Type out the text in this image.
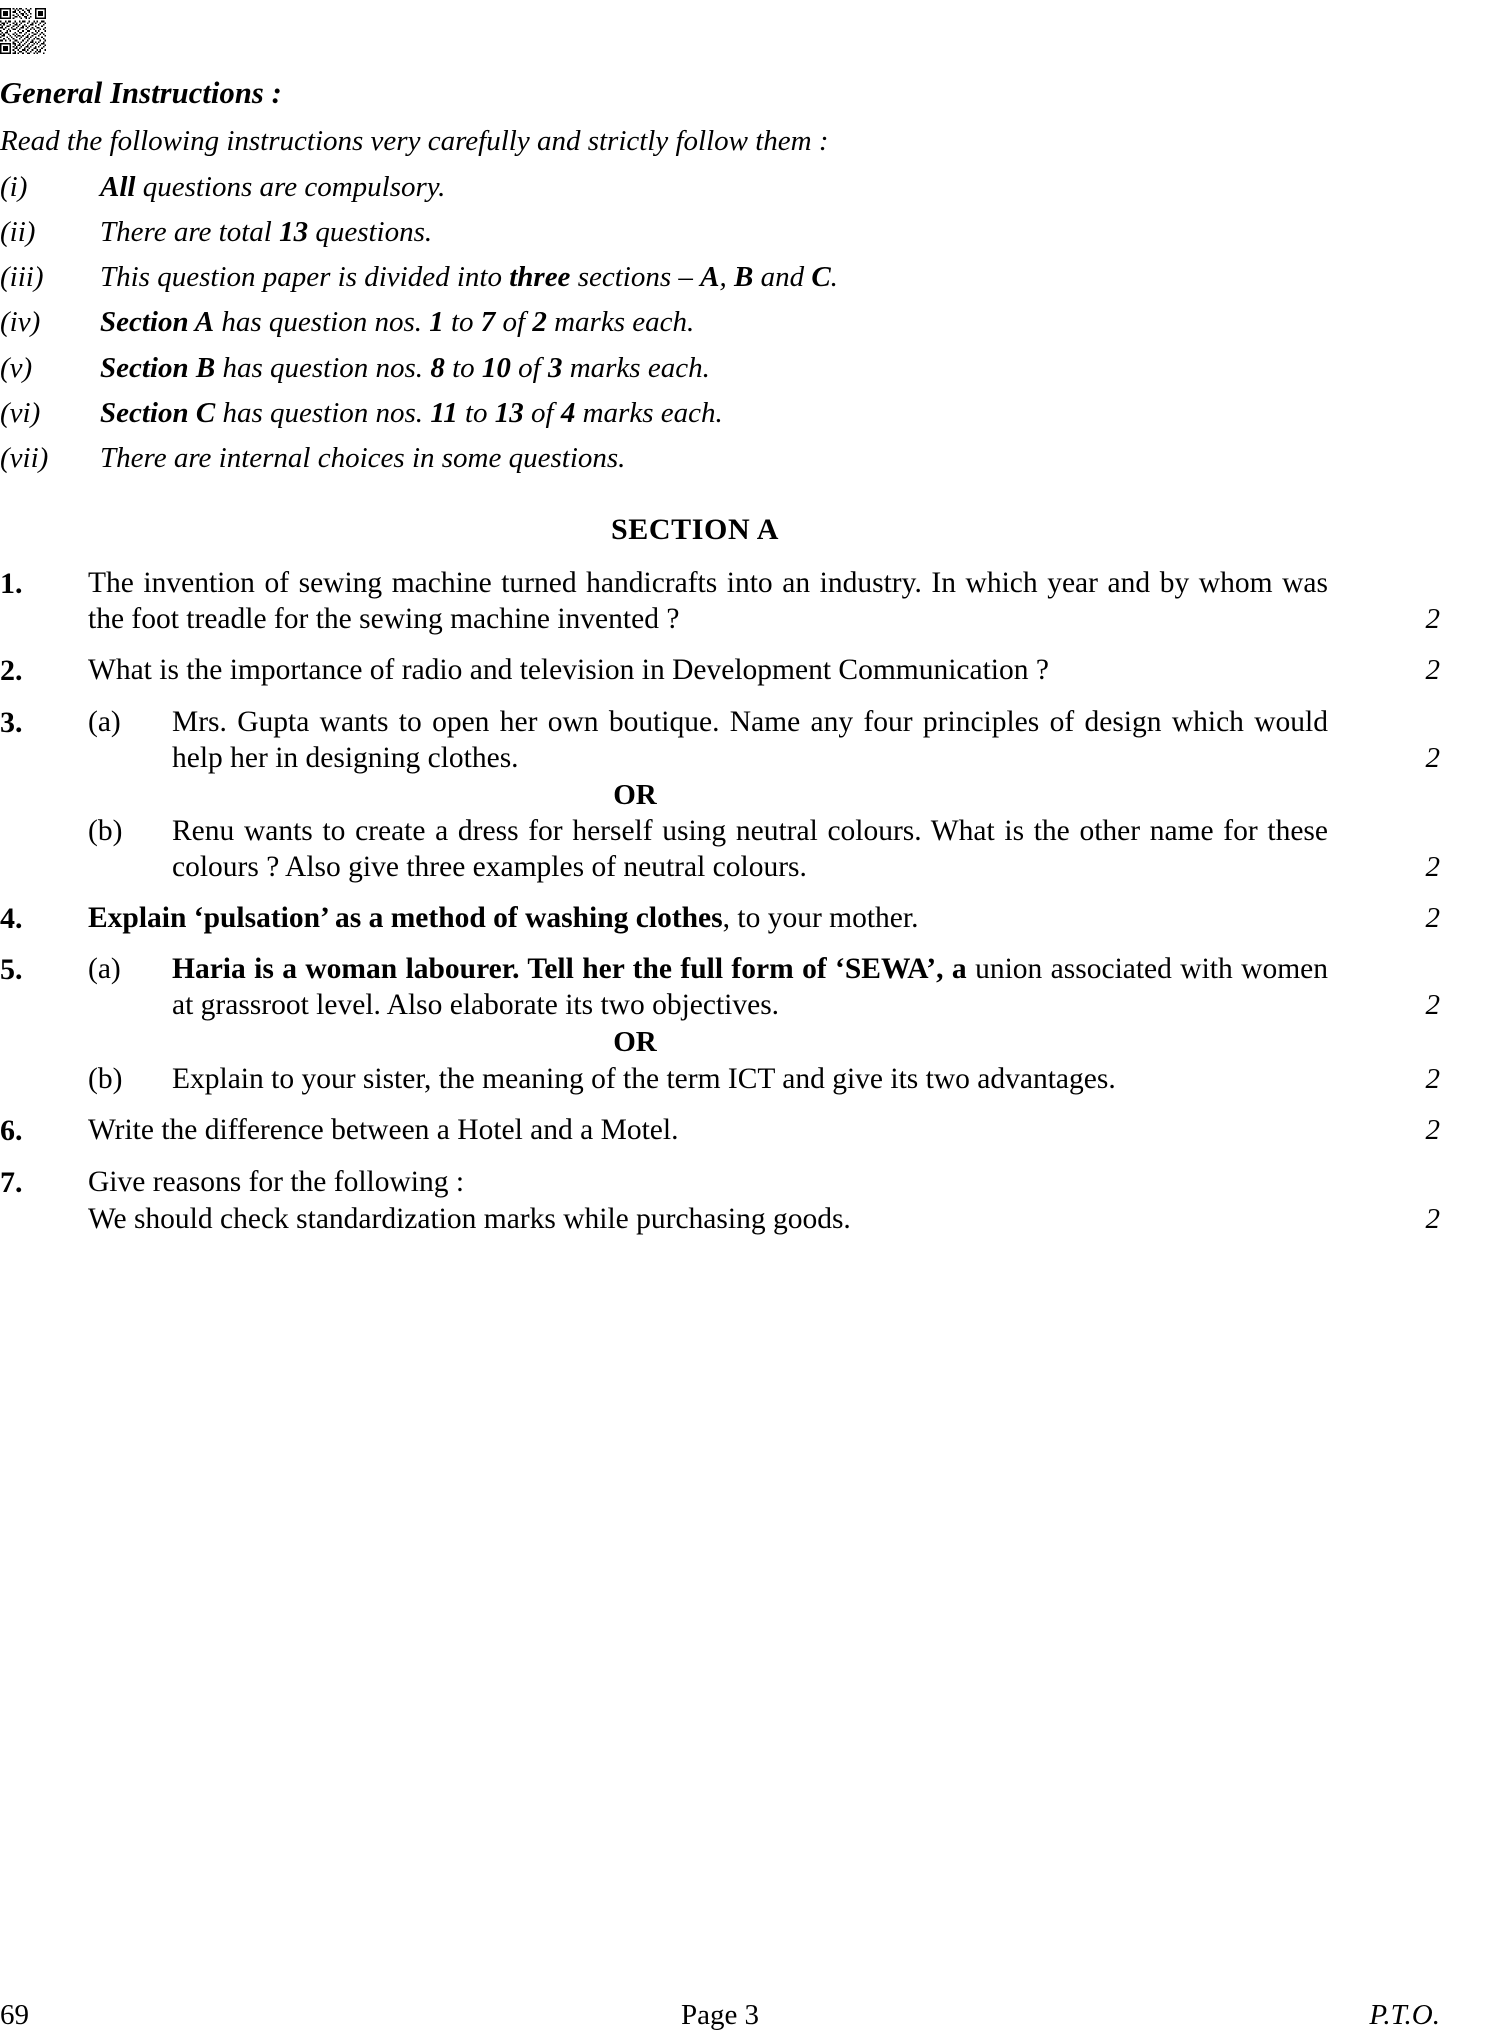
General Instructions :
Read the following instructions very carefully and strictly follow them :
(i)	All questions are compulsory.
(ii)	There are total 13 questions.
(iii)	This question paper is divided into three sections – A, B and C.
(iv)	Section A has question nos. 1 to 7 of 2 marks each.
(v)	Section B has question nos. 8 to 10 of 3 marks each.
(vi)	Section C has question nos. 11 to 13 of 4 marks each.
(vii)	There are internal choices in some questions.
SECTION A
1.	The invention of sewing machine turned handicrafts into an industry. In which year and by whom was the foot treadle for the sewing machine invented ?	2
2.	What is the importance of radio and television in Development Communication ?	2
3.	(a)	Mrs. Gupta wants to open her own boutique. Name any four principles of design which would help her in designing clothes.	2
OR

(b)	Renu wants to create a dress for herself using neutral colours. What is the other name for these colours ? Also give three examples of neutral colours.	2
4.	Explain ‘pulsation’ as a method of washing clothes, to your mother.	2
5.	(a)	Haria is a woman labourer. Tell her the full form of ‘SEWA’, a union associated with women at grassroot level. Also elaborate its two objectives.	2
OR

(b)	Explain to your sister, the meaning of the term ICT and give its two advantages.	2
6.	Write the difference between a Hotel and a Motel.	2
7.	Give reasons for the following :

We should check standardization marks while purchasing goods.	2
69	Page 3	P.T.O.
